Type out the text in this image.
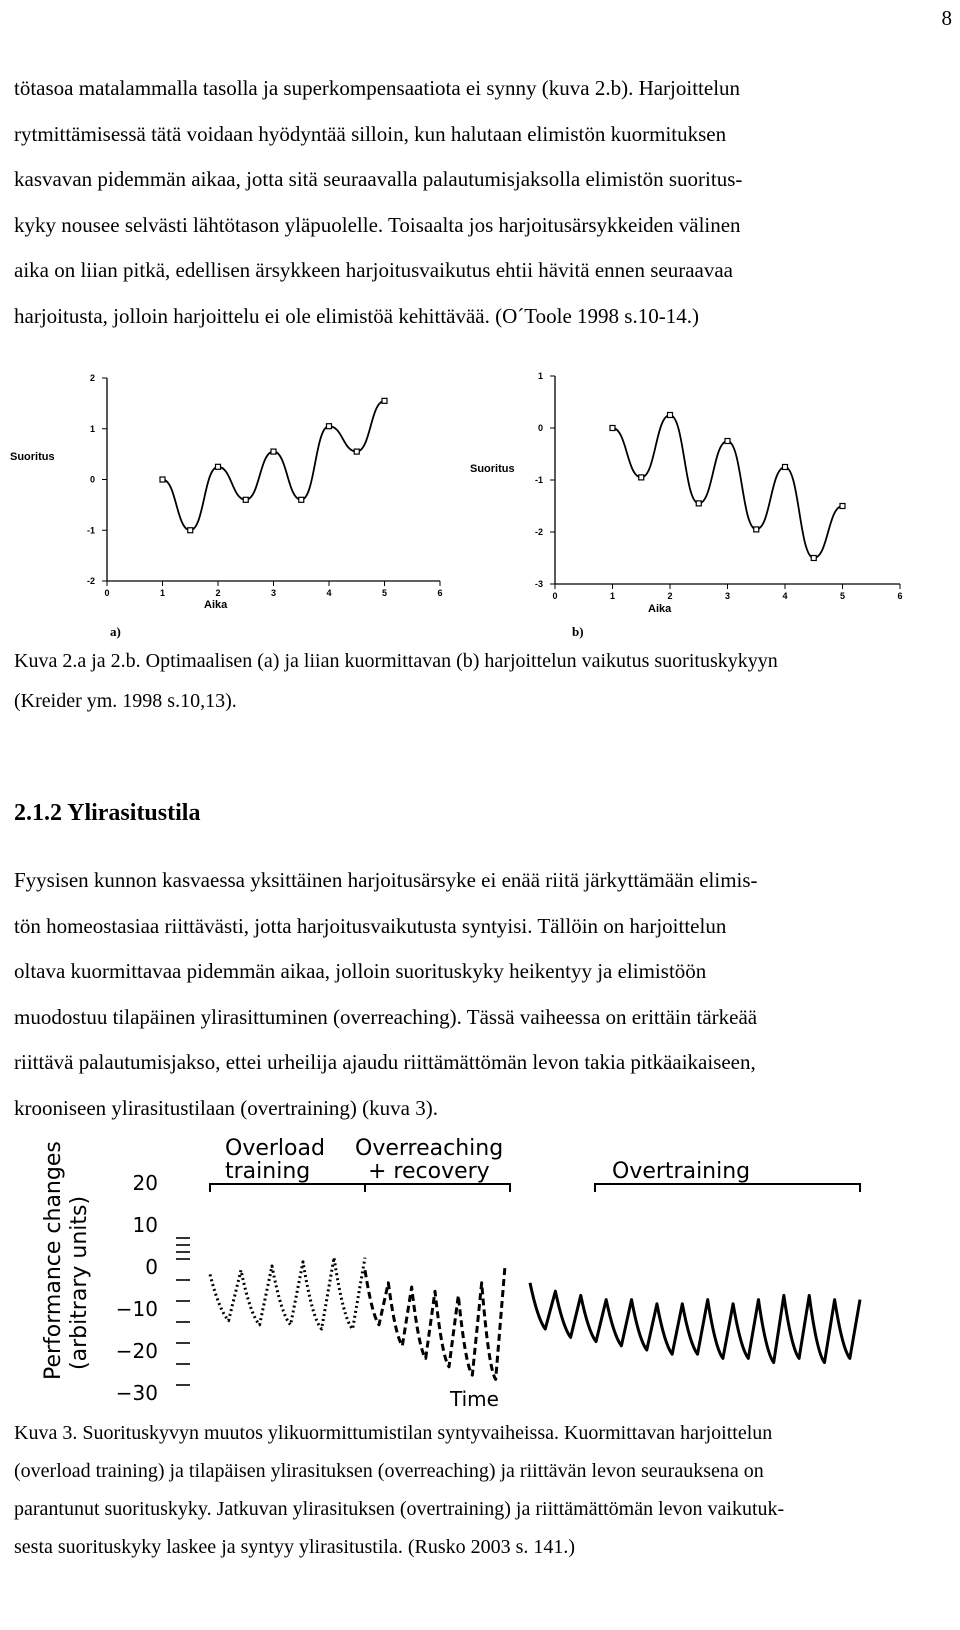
8
tötasoa matalammalla tasolla ja superkompensaatiota ei synny (kuva 2.b). Harjoittelun
rytmittämisessä tätä voidaan hyödyntää silloin, kun halutaan elimistön kuormituksen
kasvavan pidemmän aikaa, jotta sitä seuraavalla palautumisjaksolla elimistön suoritus-
kyky nousee selvästi lähtötason yläpuolelle. Toisaalta jos harjoitusärsykkeiden välinen
aika on liian pitkä, edellisen ärsykkeen harjoitusvaikutus ehtii hävitä ennen seuraavaa
harjoitusta, jolloin harjoittelu ei ole elimistöä kehittävää. (O´Toole 1998 s.10-14.)
Suoritus
Aika
a)
2
1
0
-1
-2
0	1	2	3	4	5	6
Suoritus
Aika
b)
1
0
-1
-2
-3
0	1	2	3	4	5	6
Kuva 2.a ja 2.b. Optimaalisen (a) ja liian kuormittavan (b) harjoittelun vaikutus suorituskykyyn
(Kreider ym. 1998 s.10,13).
2.1.2 Ylirasitustila
Fyysisen kunnon kasvaessa yksittäinen harjoitusärsyke ei enää riitä järkyttämään elimis-
tön homeostasiaa riittävästi, jotta harjoitusvaikutusta syntyisi. Tällöin on harjoittelun
oltava kuormittavaa pidemmän aikaa, jolloin suorituskyky heikentyy ja elimistöön
muodostuu tilapäinen ylirasittuminen (overreaching). Tässä vaiheessa on erittäin tärkeää
riittävä palautumisjakso, ettei urheilija ajaudu riittämättömän levon takia pitkäaikaiseen,
krooniseen ylirasitustilaan (overtraining) (kuva 3).
Performance changes (arbitrary units)
Time
20
10
0
−10
−20
−30
Overload
training
Overreaching
+ recovery	Overtraining
Kuva 3. Suorituskyvyn muutos ylikuormittumistilan syntyvaiheissa. Kuormittavan harjoittelun
(overload training) ja tilapäisen ylirasituksen (overreaching) ja riittävän levon seurauksena on
parantunut suorituskyky. Jatkuvan ylirasituksen (overtraining) ja riittämättömän levon vaikutuk-
sesta suorituskyky laskee ja syntyy ylirasitustila. (Rusko 2003 s. 141.)
